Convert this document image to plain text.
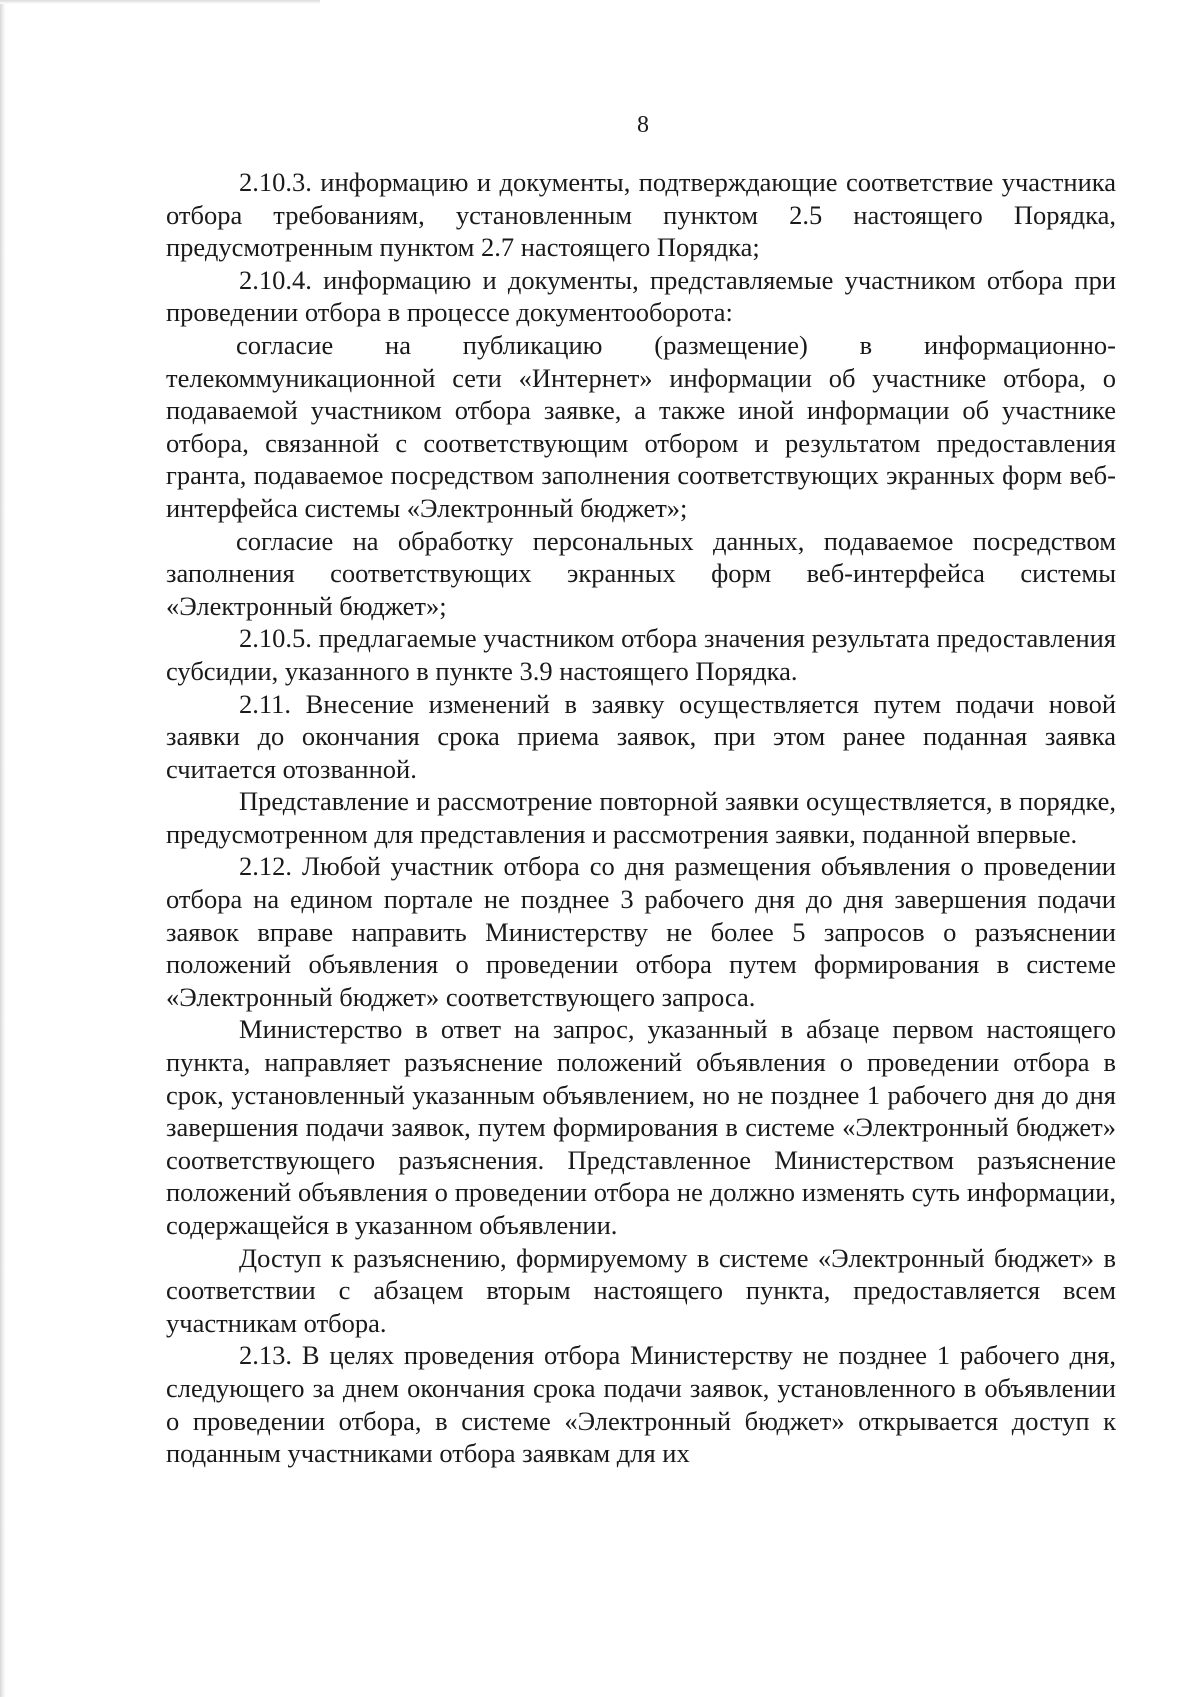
8

2.10.3. информацию и документы, подтверждающие соответствие участника отбора требованиям, установленным пунктом 2.5 настоящего Порядка, предусмотренным пунктом 2.7 настоящего Порядка;

2.10.4. информацию и документы, представляемые участником отбора при проведении отбора в процессе документооборота:

согласие на публикацию (размещение) в информационно-телекоммуникационной сети «Интернет» информации об участнике отбора, о подаваемой участником отбора заявке, а также иной информации об участнике отбора, связанной с соответствующим отбором и результатом предоставления гранта, подаваемое посредством заполнения соответствующих экранных форм веб-интерфейса системы «Электронный бюджет»;

согласие на обработку персональных данных, подаваемое посредством заполнения соответствующих экранных форм веб-интерфейса системы «Электронный бюджет»;

2.10.5. предлагаемые участником отбора значения результата предоставления субсидии, указанного в пункте 3.9 настоящего Порядка.

2.11. Внесение изменений в заявку осуществляется путем подачи новой заявки до окончания срока приема заявок, при этом ранее поданная заявка считается отозванной.

Представление и рассмотрение повторной заявки осуществляется, в порядке, предусмотренном для представления и рассмотрения заявки, поданной впервые.

2.12. Любой участник отбора со дня размещения объявления о проведении отбора на едином портале не позднее 3 рабочего дня до дня завершения подачи заявок вправе направить Министерству не более 5 запросов о разъяснении положений объявления о проведении отбора путем формирования в системе «Электронный бюджет» соответствующего запроса.

Министерство в ответ на запрос, указанный в абзаце первом настоящего пункта, направляет разъяснение положений объявления о проведении отбора в срок, установленный указанным объявлением, но не позднее 1 рабочего дня до дня завершения подачи заявок, путем формирования в системе «Электронный бюджет» соответствующего разъяснения. Представленное Министерством разъяснение положений объявления о проведении отбора не должно изменять суть информации, содержащейся в указанном объявлении.

Доступ к разъяснению, формируемому в системе «Электронный бюджет» в соответствии с абзацем вторым настоящего пункта, предоставляется всем участникам отбора.

2.13. В целях проведения отбора Министерству не позднее 1 рабочего дня, следующего за днем окончания срока подачи заявок, установленного в объявлении о проведении отбора, в системе «Электронный бюджет» открывается доступ к поданным участниками отбора заявкам для их
